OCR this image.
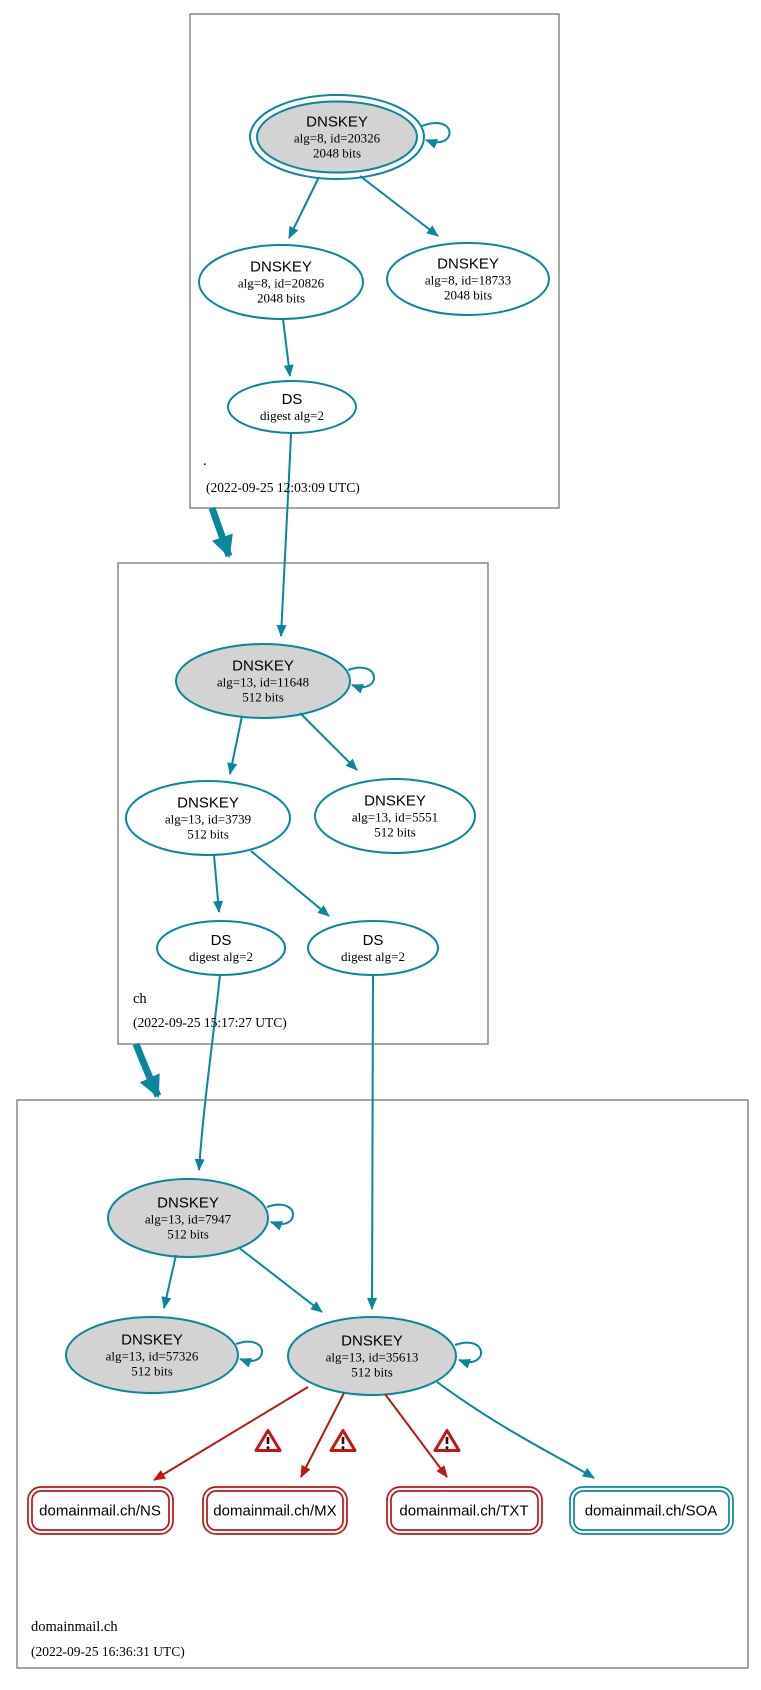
DNSKEY
alg=8, id=20326
2048 bits
DNSKEY
alg=8, id=20826
2048 bits
DNSKEY
alg=8, id=18733
2048 bits
DS
digest alg=2
DNSKEY
alg=13, id=11648
512 bits
DNSKEY
alg=13, id=3739
512 bits
DNSKEY
alg=13, id=5551
512 bits
DS
digest alg=2
DS
digest alg=2
DNSKEY
alg=13, id=7947
512 bits
DNSKEY
alg=13, id=57326
512 bits
DNSKEY
alg=13, id=35613
512 bits
domainmail.ch/NS	domainmail.ch/MX	domainmail.ch/TXT	domainmail.ch/SOA
.
(2022-09-25 12:03:09 UTC)
ch
(2022-09-25 15:17:27 UTC)
domainmail.ch
(2022-09-25 16:36:31 UTC)
